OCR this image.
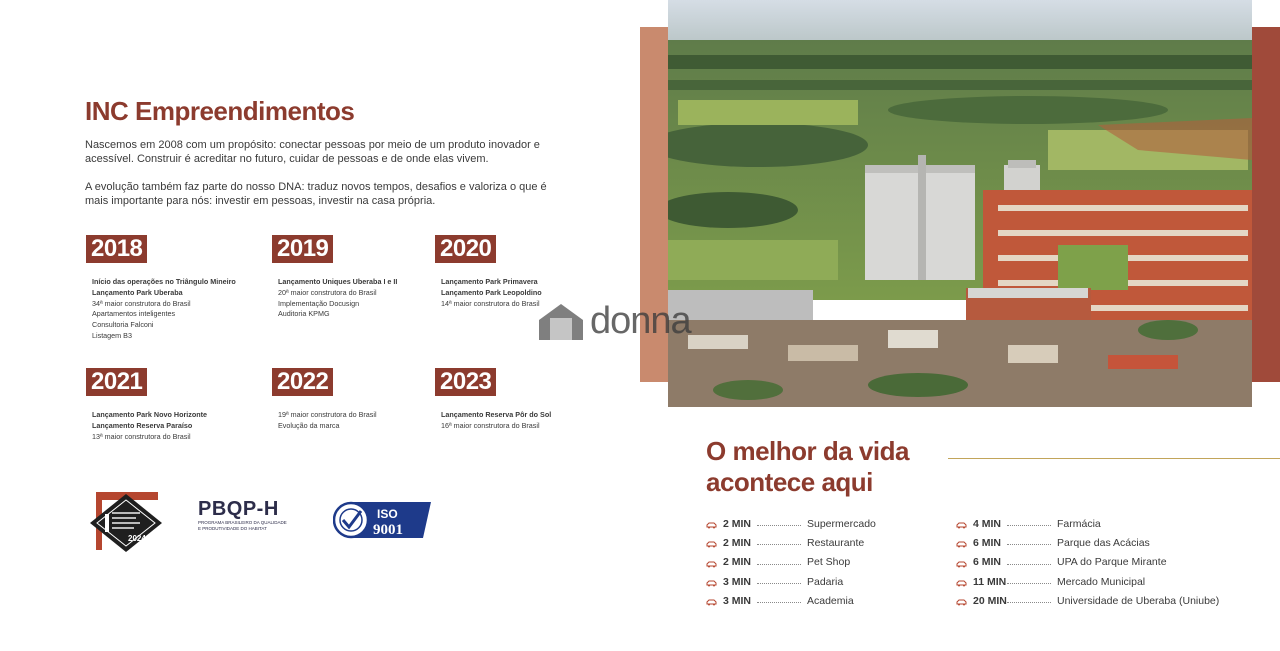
INC Empreendimentos

Nascemos em 2008 com um propósito: conectar pessoas por meio de um produto inovador e acessível. Construir é acreditar no futuro, cuidar de pessoas e de onde elas vivem.

A evolução também faz parte do nosso DNA: traduz novos tempos, desafios e valoriza o que é mais importante para nós: investir em pessoas, investir na casa própria.

2018
Início das operações no Triângulo Mineiro
Lançamento Park Uberaba
34ª maior construtora do Brasil
Apartamentos inteligentes
Consultoria Falconi
Listagem B3
2019
Lançamento Uniques Uberaba I e II
20ª maior construtora do Brasil
Implementação Docusign
Auditoria KPMG
2020
Lançamento Park Primavera
Lançamento Park Leopoldino
14ª maior construtora do Brasil
2021
Lançamento Park Novo Horizonte
Lançamento Reserva Paraíso
13ª maior construtora do Brasil
2022
19ª maior construtora do Brasil
Evolução da marca
2023
Lançamento Reserva Pôr do Sol
16ª maior construtora do Brasil
2024
PBQP-H
PROGRAMA BRASILEIRO DA QUALIDADE
E PRODUTIVIDADE DO HABITAT
ISO
9001
donna
O melhor da vida
acontece aqui
2 MIN	Supermercado
2 MIN	Restaurante
2 MIN	Pet Shop
3 MIN	Padaria
3 MIN	Academia
4 MIN	Farmácia
6 MIN	Parque das Acácias
6 MIN	UPA do Parque Mirante
11 MIN	Mercado Municipal
20 MIN	Universidade de Uberaba (Uniube)
